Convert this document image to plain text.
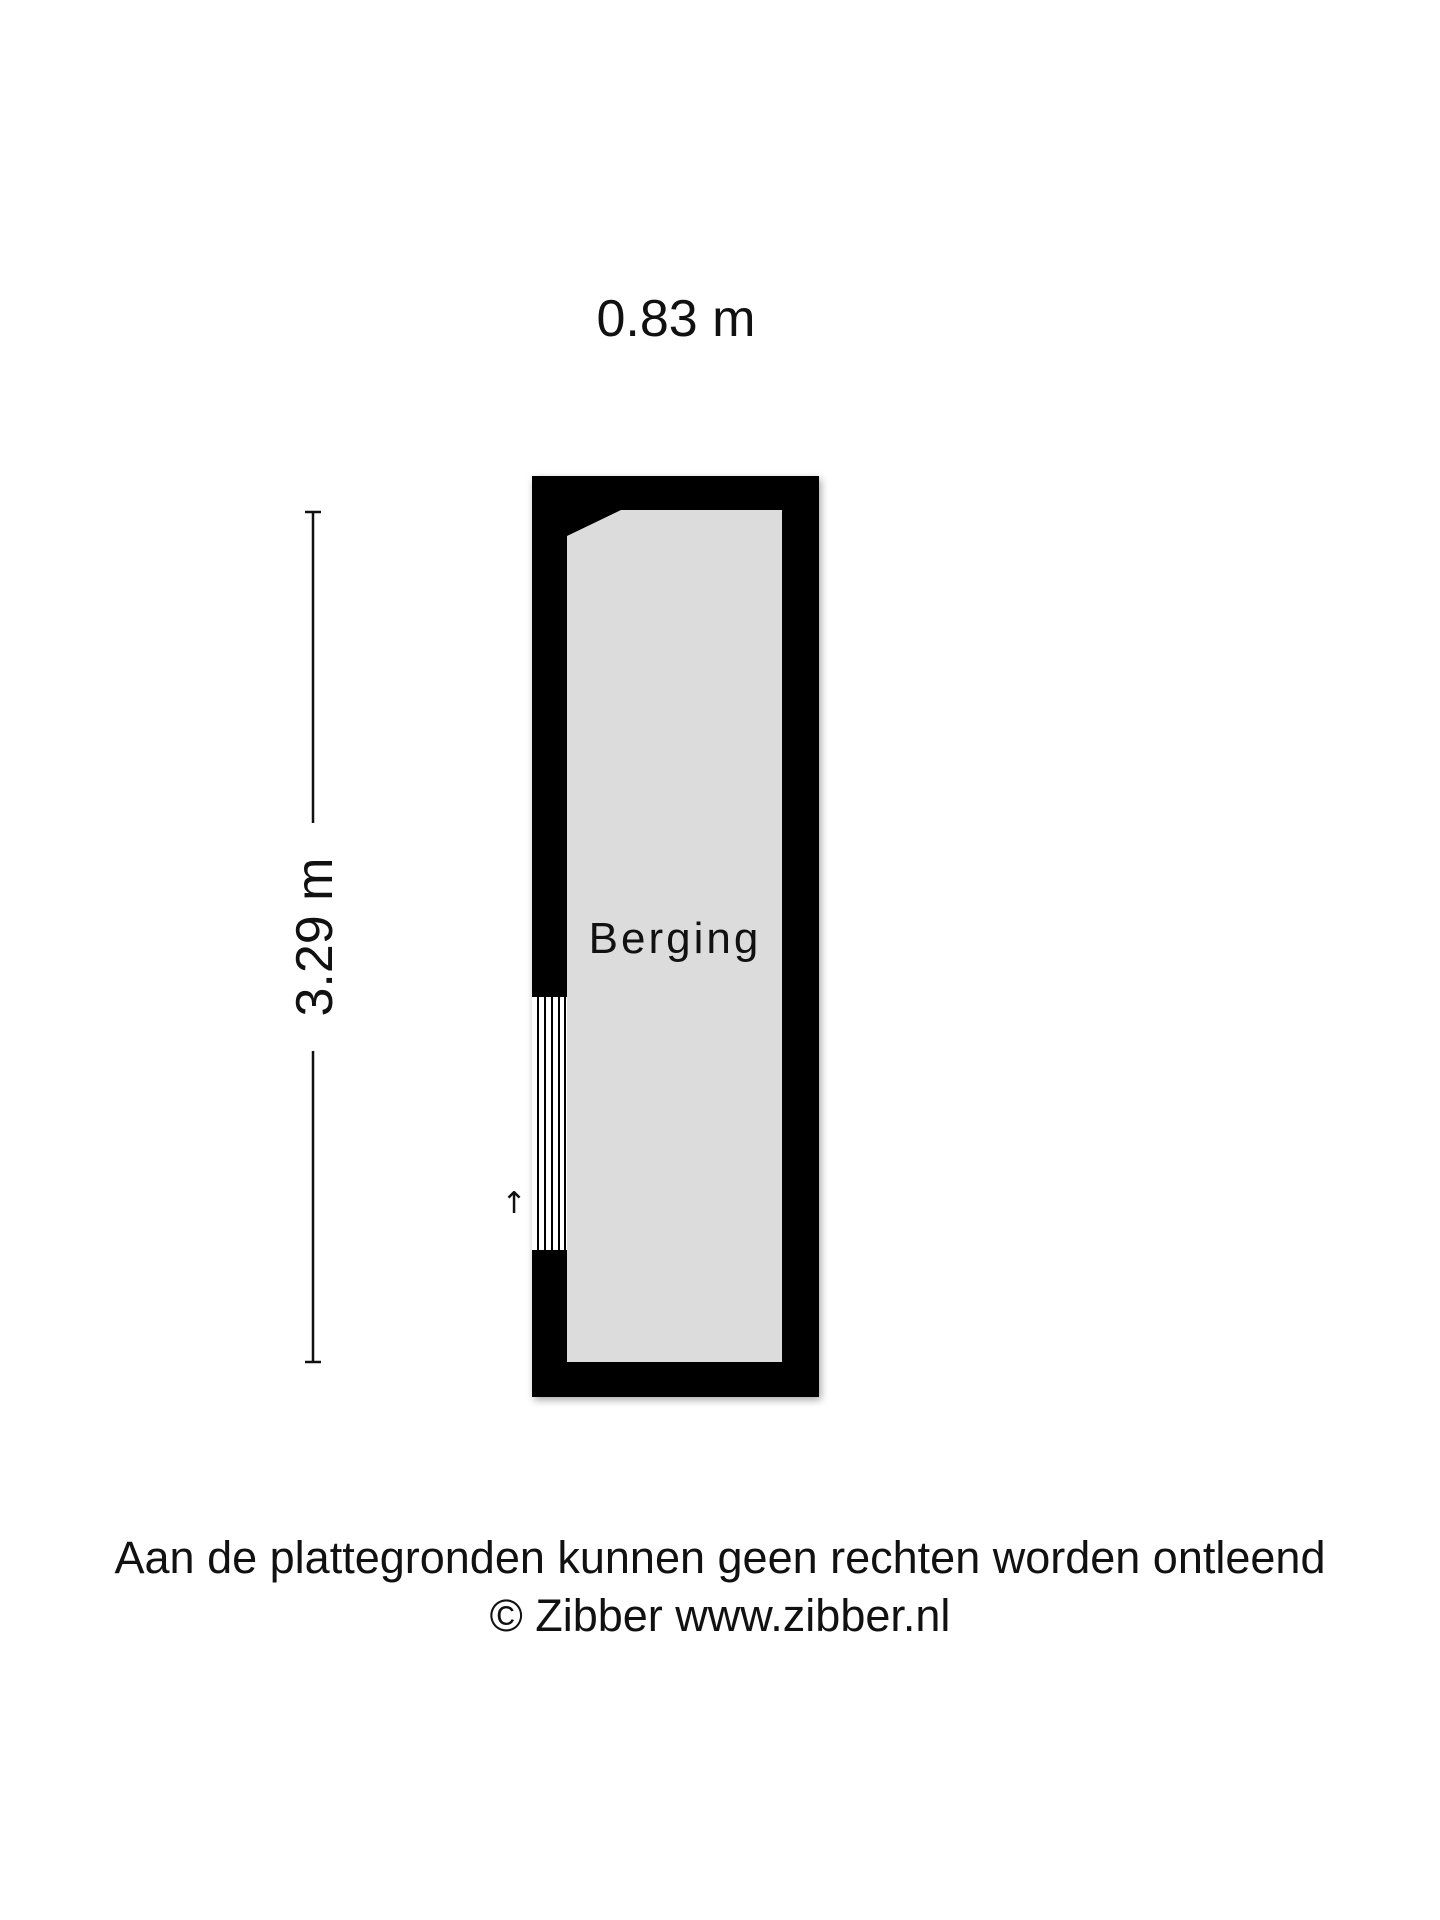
0.83 m
3.29 m
↑
Berging
Aan de plattegronden kunnen geen rechten worden ontleend
© Zibber www.zibber.nl
